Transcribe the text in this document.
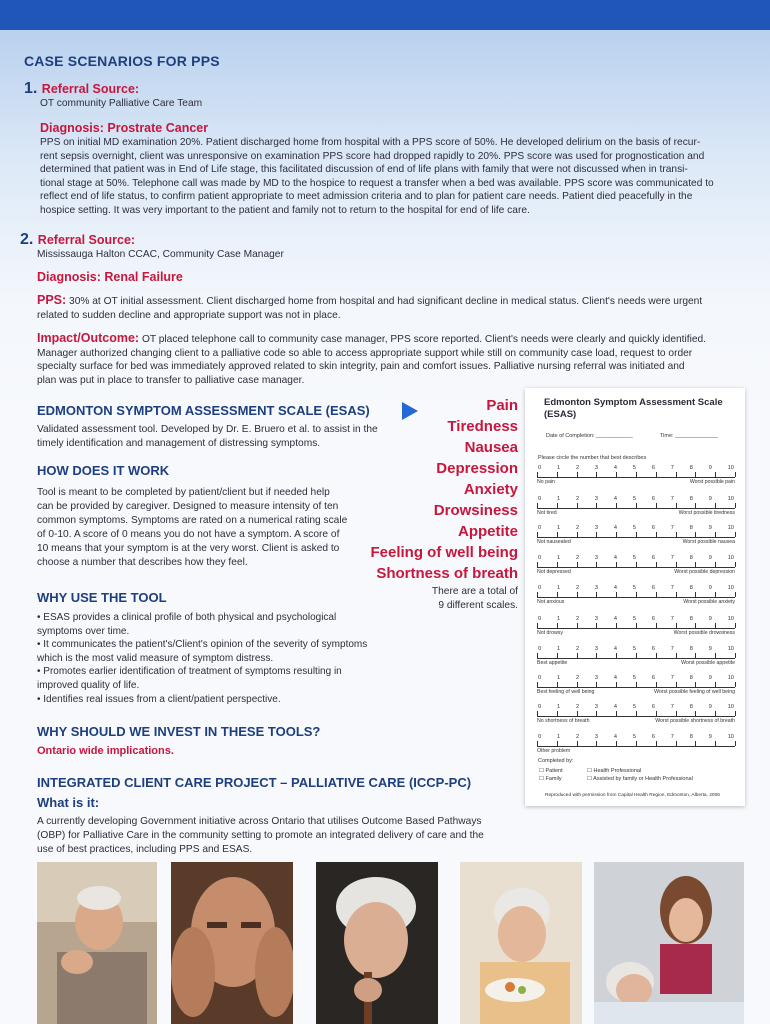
CASE SCENARIOS FOR PPS
1. Referral Source:
OT community Palliative Care Team
Diagnosis: Prostrate Cancer
PPS on initial MD examination 20%. Patient discharged home from hospital with a PPS score of 50%. He developed delirium on the basis of recur-
rent sepsis overnight, client was unresponsive on examination PPS score had dropped rapidly to 20%. PPS score was used for prognostication and
determined that patient was in End of Life stage, this facilitated discussion of end of life plans with family that were not discussed when in transi-
tional stage at 50%. Telephone call was made by MD to the hospice to request a transfer when a bed was available. PPS score was communicated to
reflect end of life status, to confirm patient appropriate to meet admission criteria and to plan for patient care needs. Patient died peacefully in the
hospice setting. It was very important to the patient and family not to return to the hospital for end of life care.
2. Referral Source:
Mississauga Halton CCAC, Community Case Manager
Diagnosis: Renal Failure
PPS: 30% at OT initial assessment. Client discharged home from hospital and had significant decline in medical status. Client's needs were urgent
related to sudden decline and appropriate support was not in place.
Impact/Outcome: OT placed telephone call to community case manager, PPS score reported. Client's needs were clearly and quickly identified.
Manager authorized changing client to a palliative code so able to access appropriate support while still on community case load, request to order
specialty surface for bed was immediately approved related to skin integrity, pain and comfort issues. Palliative nursing referral was initiated and
plan was put in place to transfer to palliative case manager.
EDMONTON SYMPTOM ASSESSMENT SCALE (ESAS)
Validated assessment tool. Developed by Dr. E. Bruero et al. to assist in the
timely identification and management of distressing symptoms.
HOW DOES IT WORK
Tool is meant to be completed by patient/client but if needed help
can be provided by caregiver. Designed to measure intensity of ten
common symptoms. Symptoms are rated on a numerical rating scale
of 0-10. A score of 0 means you do not have a symptom. A score of
10 means that your symptom is at the very worst. Client is asked to
choose a number that describes how they feel.
Pain
Tiredness
Nausea
Depression
Anxiety
Drowsiness
Appetite
Feeling of well being
Shortness of breath
There are a total of
9 different scales.
WHY USE THE TOOL
• ESAS provides a clinical profile of both physical and psychological
symptoms over time.
• It communicates the patient's/Client's opinion of the severity of symptoms
which is the most valid measure of symptom distress.
• Promotes earlier identification of treatment of symptoms resulting in
improved quality of life.
• Identifies real issues from a client/patient perspective.
WHY SHOULD WE INVEST IN THESE TOOLS?
Ontario wide implications.
INTEGRATED CLIENT CARE PROJECT – PALLIATIVE CARE (ICCP-PC)
What is it:
A currently developing Government initiative across Ontario that utilises Outcome Based Pathways
(OBP) for Palliative Care in the community setting to promote an integrated delivery of care and the
use of best practices, including PPS and ESAS.
Edmonton Symptom Assessment Scale
(ESAS)
Date of Completion: ____________	Time: ______________
Please circle the number that best describes
0	1	2	3	4	5	6	7	8	9	10
No pain	Worst possible pain
0	1	2	3	4	5	6	7	8	9	10
Not tired	Worst possible tiredness
0	1	2	3	4	5	6	7	8	9	10
Not nauseated	Worst possible nausea
0	1	2	3	4	5	6	7	8	9	10
Not depressed	Worst possible depression
0	1	2	3	4	5	6	7	8	9	10
Not anxious	Worst possible anxiety
0	1	2	3	4	5	6	7	8	9	10
Not drowsy	Worst possible drowsiness
0	1	2	3	4	5	6	7	8	9	10
Best appetite	Worst possible appetite
0	1	2	3	4	5	6	7	8	9	10
Best feeling of well being	Worst possible feeling of well being
0	1	2	3	4	5	6	7	8	9	10
No shortness of breath	Worst possible shortness of breath
0	1	2	3	4	5	6	7	8	9	10
Other problem
Completed by:
☐ Patient
☐ Family
☐ Health Professional
☐ Assisted by family or Health Professional
Reproduced with permission from Capital Health Region, Edmonton, Alberta, 2006
